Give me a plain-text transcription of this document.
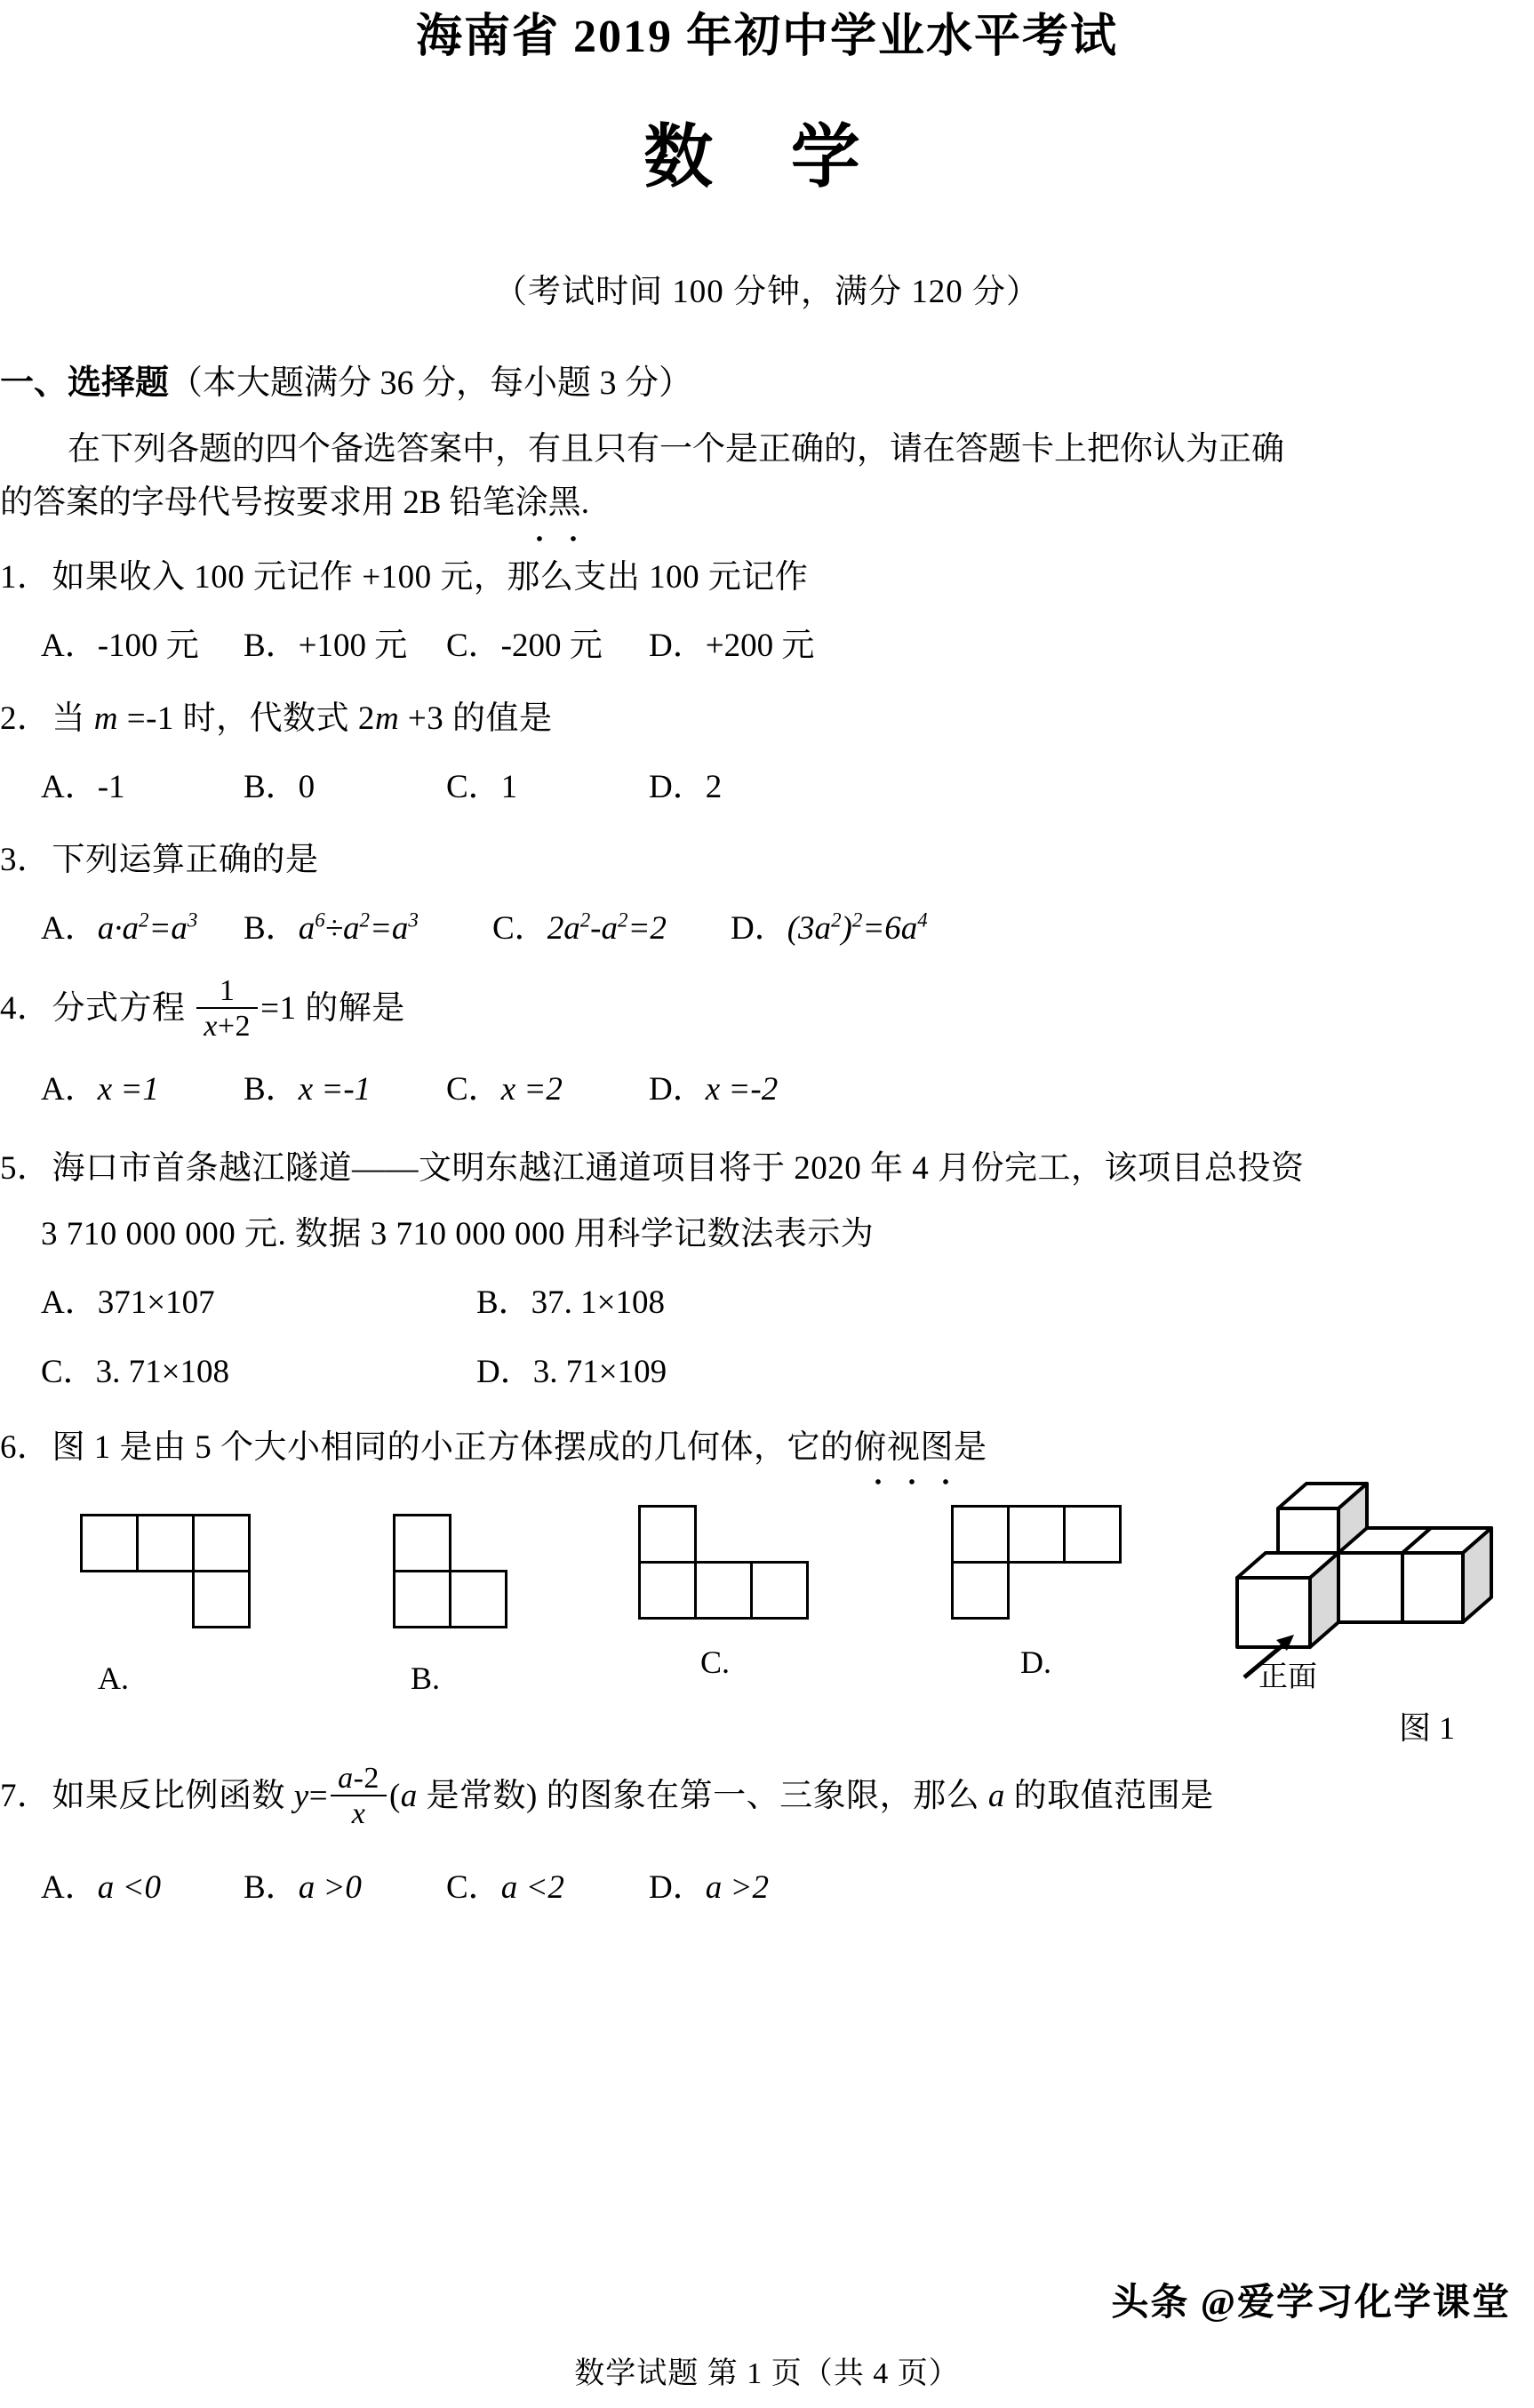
海南省 2019 年初中学业水平考试
数 学
（考试时间 100 分钟，满分 120 分）
一、选择题（本大题满分 36 分，每小题 3 分）
在下列各题的四个备选答案中，有且只有一个是正确的，请在答题卡上把你认为正确
的答案的字母代号按要求用 2B 铅笔涂黑.
1．如果收入 100 元记作 +100 元，那么支出 100 元记作
A．-100 元	B．+100 元	C．-200 元	D．+200 元
2．当 m =-1 时，代数式 2m +3 的值是
A．-1	B．0	C．1	D．2
3．下列运算正确的是
A．$a\cdot a^2=a^3$	B．$a^6\div a^2=a^3$	C．$2a^2-a^2=2$	D．$(3a^2)^2=6a^4$
4．分式方程 $\frac{1}{x+2} =1$ 的解是
A．x =1	B．x =-1	C．x =2	D．x =-2
5．海口市首条越江隧道——文明东越江通道项目将于 2020 年 4 月份完工，该项目总投资
3 710 000 000 元. 数据 3 710 000 000 用科学记数法表示为
A．371×107	B．37. 1×108
C．3. 71×108	D．3. 71×109
6．图 1 是由 5 个大小相同的小正方体摆成的几何体，它的俯视图是
A.	B.	C.	D.	正面
图 1
7．如果反比例函数 $y= \frac{a-2}{x} (a$ 是常数) 的图象在第一、三象限，那么 a 的取值范围是
A．a <0	B．a >0	C．a <2	D．a >2
头条 @爱学习化学课堂
数学试题 第 1 页（共 4 页）
